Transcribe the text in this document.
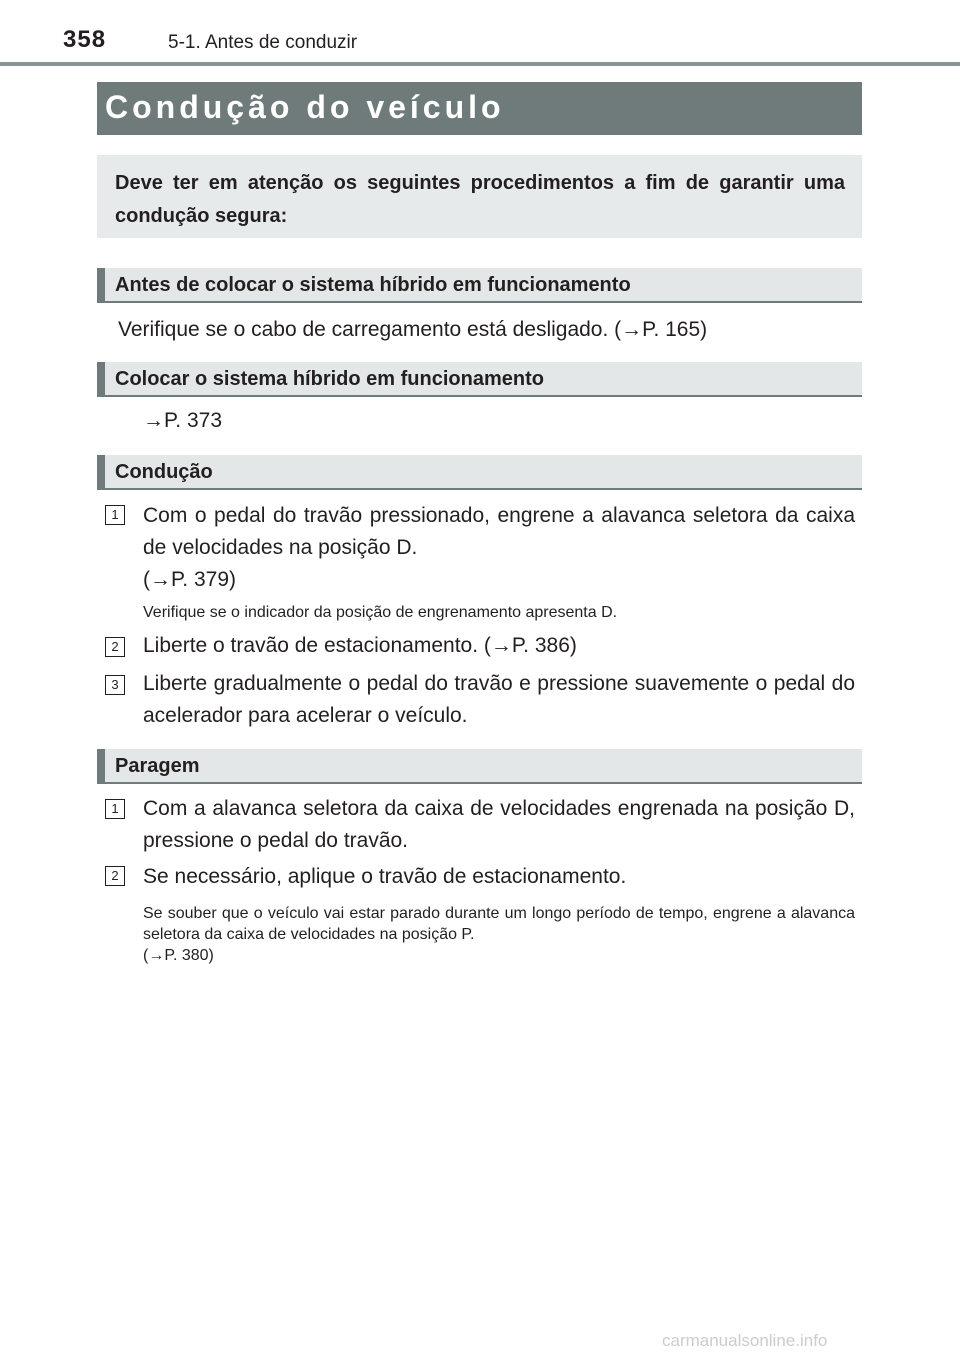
358	5-1. Antes de conduzir
Condução do veículo
Deve ter em atenção os seguintes procedimentos a fim de garantir uma condução segura:
Antes de colocar o sistema híbrido em funcionamento
Verifique se o cabo de carregamento está desligado. (→P. 165)
Colocar o sistema híbrido em funcionamento
→P. 373
Condução
1	Com o pedal do travão pressionado, engrene a alavanca seletora da caixa de velocidades na posição D.
(→P. 379)
Verifique se o indicador da posição de engrenamento apresenta D.
2	Liberte o travão de estacionamento. (→P. 386)
3	Liberte gradualmente o pedal do travão e pressione suavemente o pedal do acelerador para acelerar o veículo.
Paragem
1	Com a alavanca seletora da caixa de velocidades engrenada na posição D, pressione o pedal do travão.
2	Se necessário, aplique o travão de estacionamento.
Se souber que o veículo vai estar parado durante um longo período de tempo, engrene a alavanca seletora da caixa de velocidades na posição P.
(→P. 380)
carmanualsonline.info
